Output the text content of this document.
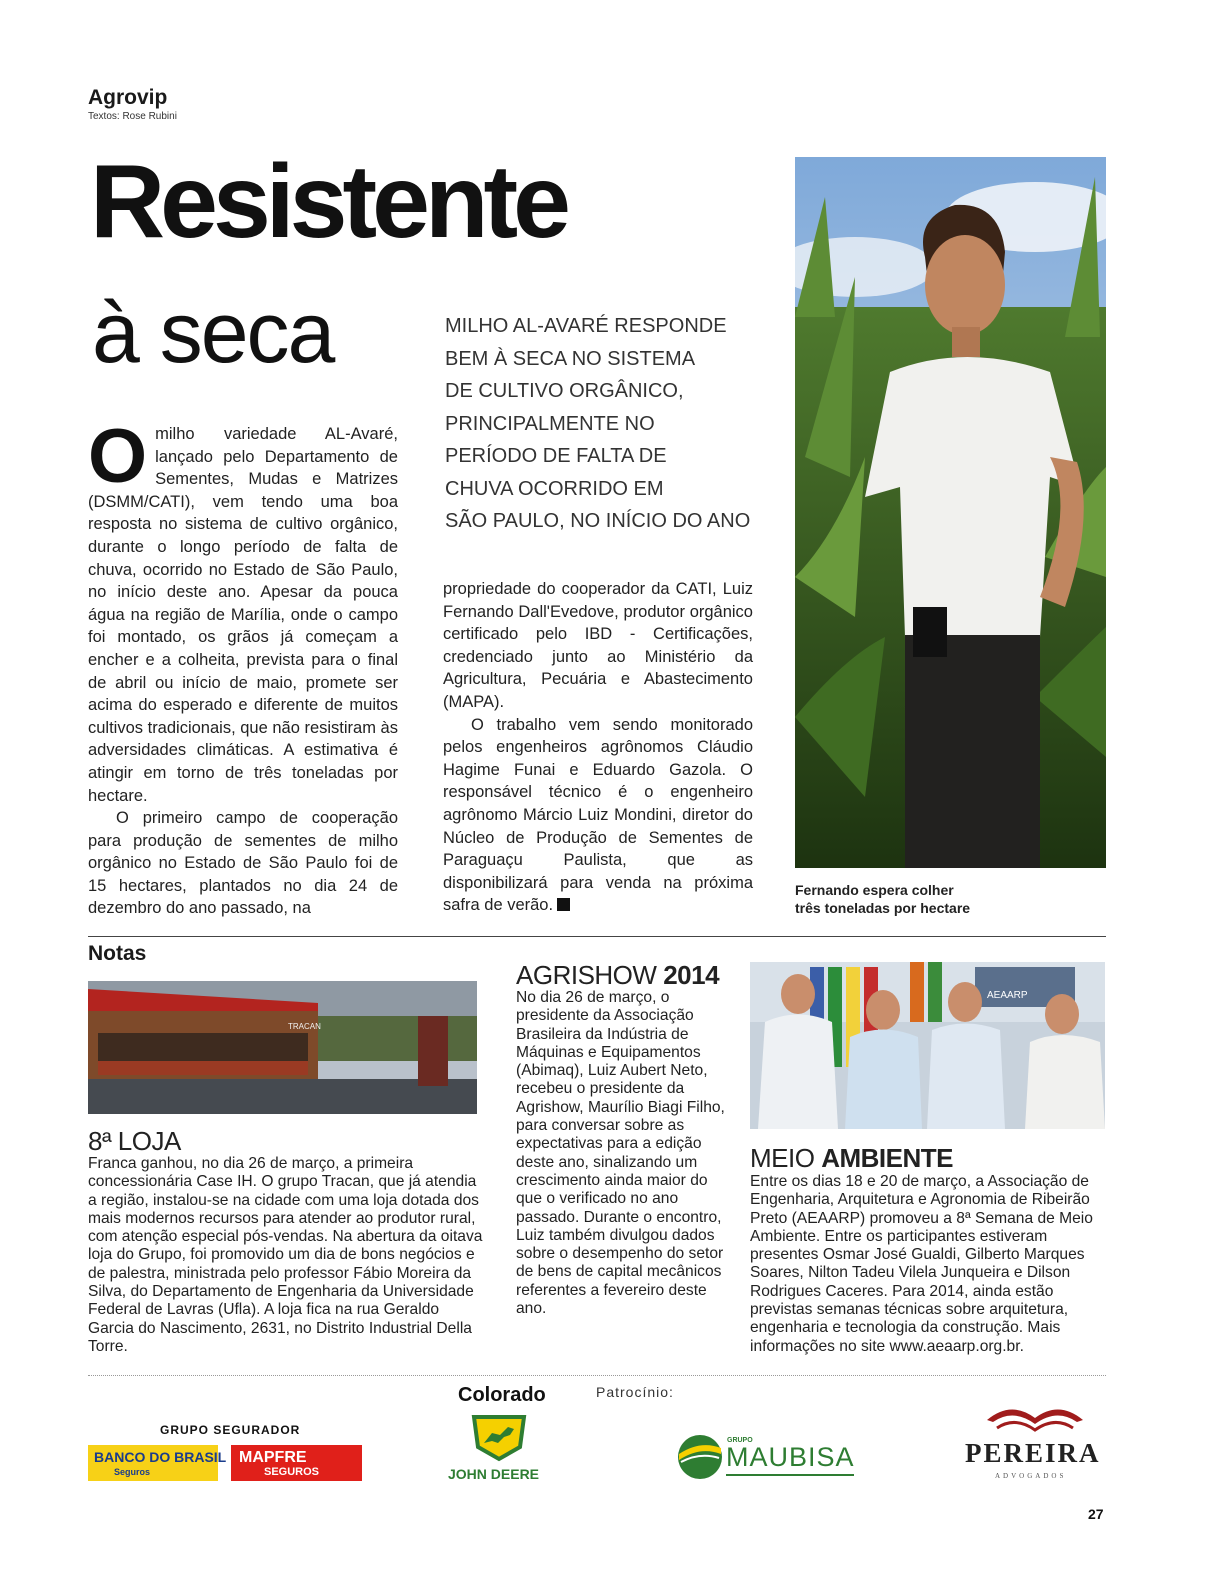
Agrovip
Textos: Rose Rubini
Resistente
à seca	MILHO AL-AVARÉ RESPONDE
BEM À SECA NO SISTEMA
DE CULTIVO ORGÂNICO,
PRINCIPALMENTE NO
PERÍODO DE FALTA DE
CHUVA OCORRIDO EM
SÃO PAULO, NO INÍCIO DO ANO

Omilho variedade AL-Avaré, lançado pelo Departamento de Sementes, Mudas e Matrizes (DSMM/CATI), vem tendo uma boa resposta no sistema de cultivo orgânico, durante o longo período de falta de chuva, ocorrido no Estado de São Paulo, no início deste ano. Apesar da pouca água na região de Marília, onde o campo foi montado, os grãos já começam a encher e a colheita, prevista para o final de abril ou início de maio, promete ser acima do esperado e diferente de muitos cultivos tradicionais, que não resistiram às adversidades climáticas. A estimativa é atingir em torno de três toneladas por hectare.

O primeiro campo de cooperação para produção de sementes de milho orgânico no Estado de São Paulo foi de 15 hectares, plantados no dia 24 de dezembro do ano passado, na

propriedade do cooperador da CATI, Luiz Fernando Dall'Evedove, produtor orgânico certificado pelo IBD - Certificações, credenciado junto ao Ministério da Agricultura, Pecuária e Abastecimento (MAPA).

O trabalho vem sendo monitorado pelos engenheiros agrônomos Cláudio Hagime Funai e Eduardo Gazola. O responsável técnico é o engenheiro agrônomo Márcio Luiz Mondini, diretor do Núcleo de Produção de Sementes de Paraguaçu Paulista, que as disponibilizará para venda na próxima safra de verão.

Fernando espera colher
três toneladas por hectare
Notas
TRACAN
AEAARP
8ª LOJA
Franca ganhou, no dia 26 de março, a primeira concessionária Case IH. O grupo Tracan, que já atendia a região, instalou-se na cidade com uma loja dotada dos mais modernos recursos para atender ao produtor rural, com atenção especial pós-vendas. Na abertura da oitava loja do Grupo, foi promovido um dia de bons negócios e de palestra, ministrada pelo professor Fábio Moreira da Silva, do Departamento de Engenharia da Universidade Federal de Lavras (Ufla). A loja fica na rua Geraldo Garcia do Nascimento, 2631, no Distrito Industrial Della Torre.
AGRISHOW 2014
No dia 26 de março, o presidente da Associação Brasileira da Indústria de Máquinas e Equipamentos (Abimaq), Luiz Aubert Neto, recebeu o presidente da Agrishow, Maurílio Biagi Filho, para conversar sobre as expectativas para a edição deste ano, sinalizando um crescimento ainda maior do que o verificado no ano passado. Durante o encontro, Luiz também divulgou dados sobre o desempenho do setor de bens de capital mecânicos referentes a fevereiro deste ano.
MEIO AMBIENTE
Entre os dias 18 e 20 de março, a Associação de Engenharia, Arquitetura e Agronomia de Ribeirão Preto (AEAARP) promoveu a 8ª Semana de Meio Ambiente. Entre os participantes estiveram presentes Osmar José Gualdi, Gilberto Marques Soares, Nilton Tadeu Vilela Junqueira e Dilson Rodrigues Caceres. Para 2014, ainda estão previstas semanas técnicas sobre arquitetura, engenharia e tecnologia da construção. Mais informações no site www.aeaarp.org.br.
GRUPO SEGURADOR
BANCO DO BRASIL
Seguros
MAPFRE
SEGUROS
Colorado
JOHN DEERE
Patrocínio:
GRUPO
MAUBISA	PEREIRA
ADVOGADOS
27
